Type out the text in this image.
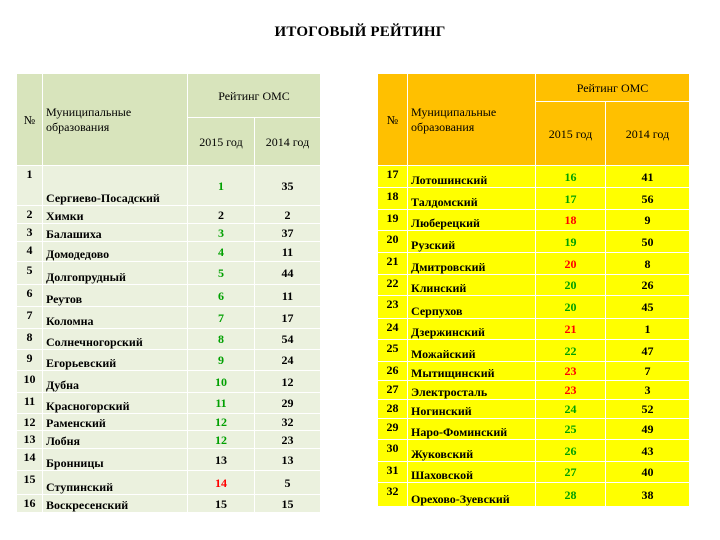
ИТОГОВЫЙ РЕЙТИНГ
№	Муниципальные образования	Рейтинг ОМС	
		2015 год	2014 год
1	Сергиево-Посадский	1	35
2	Химки	2	2
3	Балашиха	3	37
4	Домодедово	4	11
5	Долгопрудный	5	44
6	Реутов	6	11
7	Коломна	7	17
8	Солнечногорский	8	54
9	Егорьевский	9	24
10	Дубна	10	12
11	Красногорский	11	29
12	Раменский	12	32
13	Лобня	12	23
14	Бронницы	13	13
15	Ступинский	14	5
16	Воскресенский	15	15
№	Муниципальные образования	Рейтинг ОМС	
		2015 год	2014 год
17	Лотошинский	16	41
18	Талдомский	17	56
19	Люберецкий	18	9
20	Рузский	19	50
21	Дмитровский	20	8
22	Клинский	20	26
23	Серпухов	20	45
24	Дзержинский	21	1
25	Можайский	22	47
26	Мытищинский	23	7
27	Электросталь	23	3
28	Ногинский	24	52
29	Наро-Фоминский	25	49
30	Жуковский	26	43
31	Шаховской	27	40
32	Орехово-Зуевский	28	38
